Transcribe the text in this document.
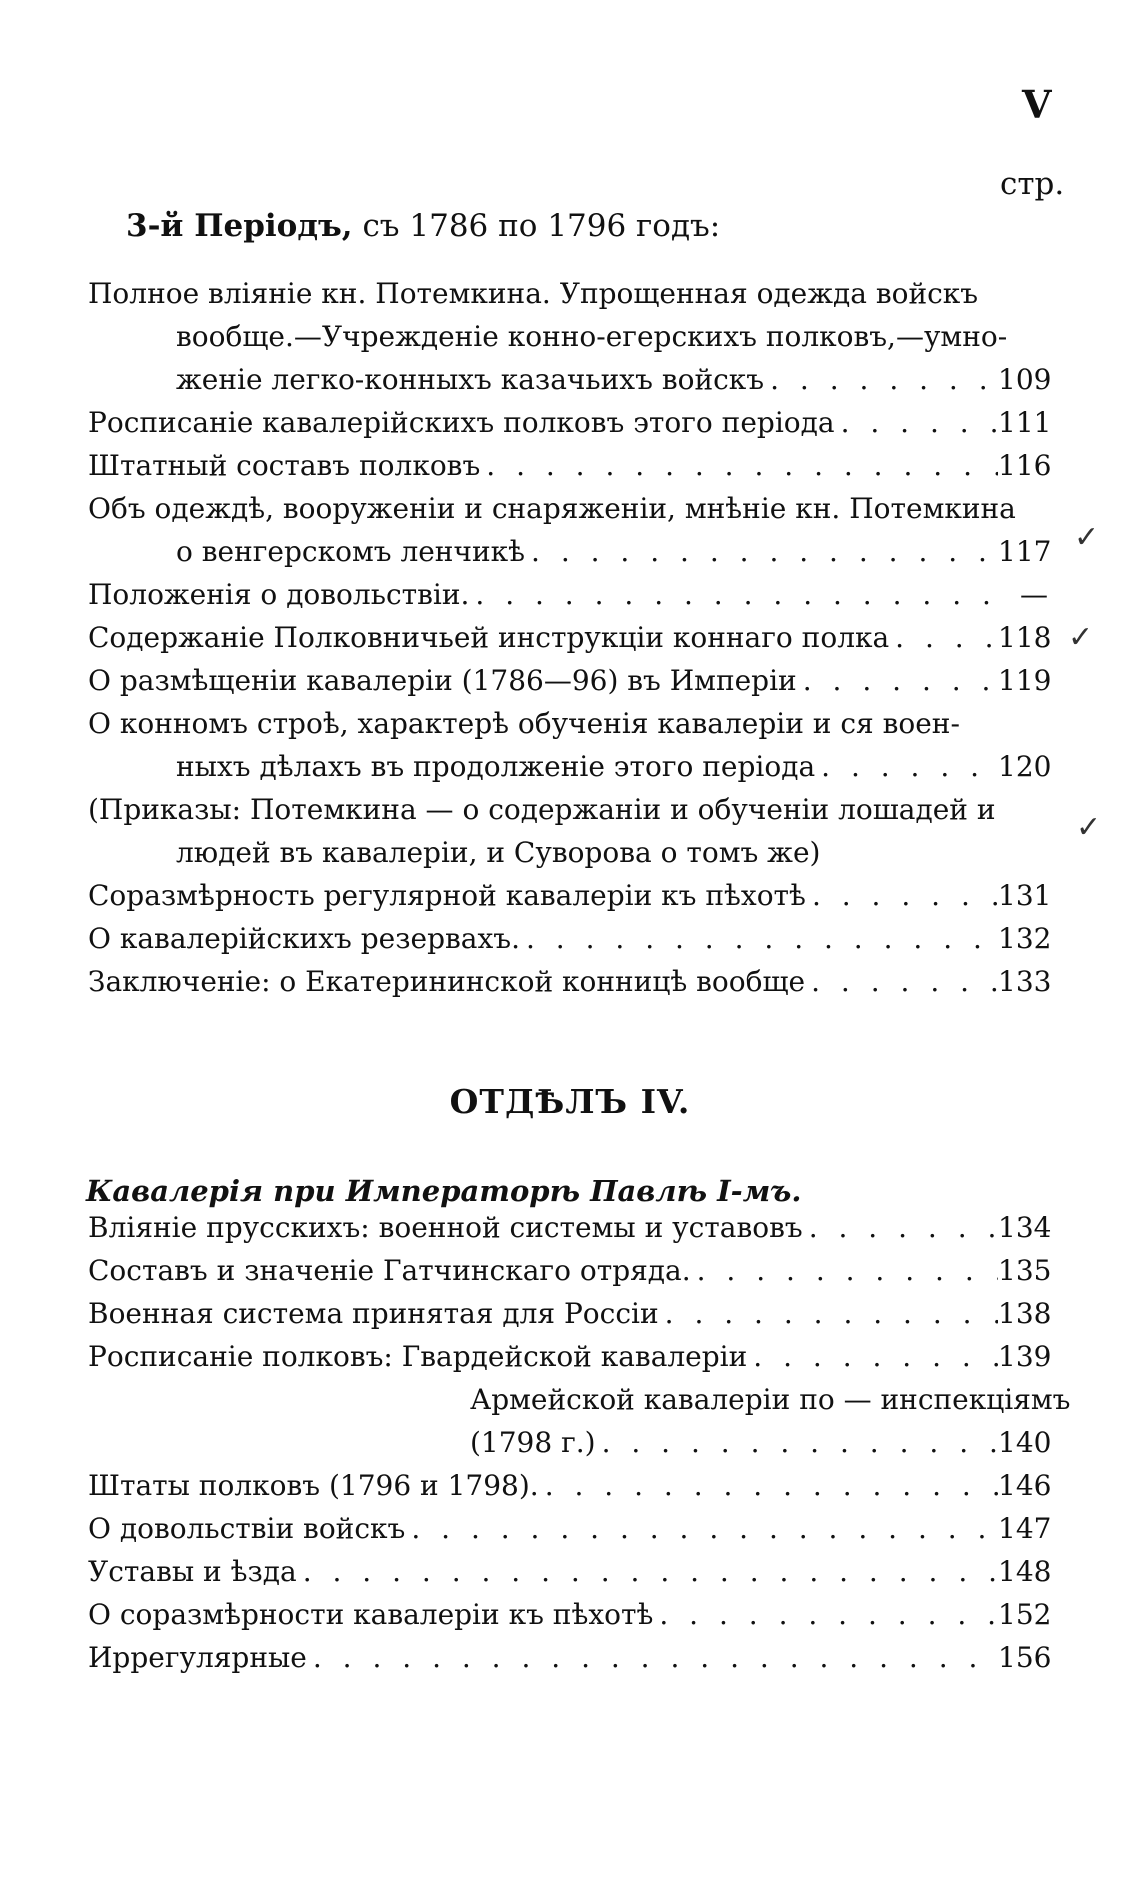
V
стр.
3-й Періодъ, съ 1786 по 1796 годъ:
Полное вліяніе кн. Потемкина. Упрощенная одежда войскъ
вообще.—Учрежденіе конно-егерскихъ полковъ,—умно-
женіе легко-конныхъ казачьихъ войскъ . . .	109
Росписаніе кавалерійскихъ полковъ этого періода . . .	111
Штатный составъ полковъ . . .	116
Объ одеждѣ, вооруженіи и снаряженіи, мнѣніе кн. Потемкина
о венгерскомъ ленчикѣ . . .	117
Положенія о довольствіи. . . .	—
Содержаніе Полковничьей инструкціи коннаго полка . . .	118
О размѣщеніи кавалеріи (1786—96) въ Имперіи . . .	119
О конномъ строѣ, характерѣ обученія кавалеріи и ся воен-
ныхъ дѣлахъ въ продолженіе этого періода . . .	120
(Приказы: Потемкина — о содержаніи и обученіи лошадей и
людей въ кавалеріи, и Суворова о томъ же)
Соразмѣрность регулярной кавалеріи къ пѣхотѣ . . .	131
О кавалерійскихъ резервахъ. . . .	132
Заключеніе: о Екатерининской конницѣ вообще . . .	133
ОТДѢЛЪ IV.
Кавалерія при Императорѣ Павлѣ I-мъ.
Вліяніе прусскихъ: военной системы и уставовъ . . .	134
Составъ и значеніе Гатчинскаго отряда. . . .	135
Военная система принятая для Россіи . . .	138
Росписаніе полковъ: Гвардейской кавалеріи . . .	139
Армейской кавалеріи по — инспекціямъ
(1798 г.) . . .	140
Штаты полковъ (1796 и 1798). . . .	146
О довольствіи войскъ . . .	147
Уставы и ѣзда . . .	148
О соразмѣрности кавалеріи къ пѣхотѣ . . .	152
Иррегулярные . . .	156
✓
✓
✓
